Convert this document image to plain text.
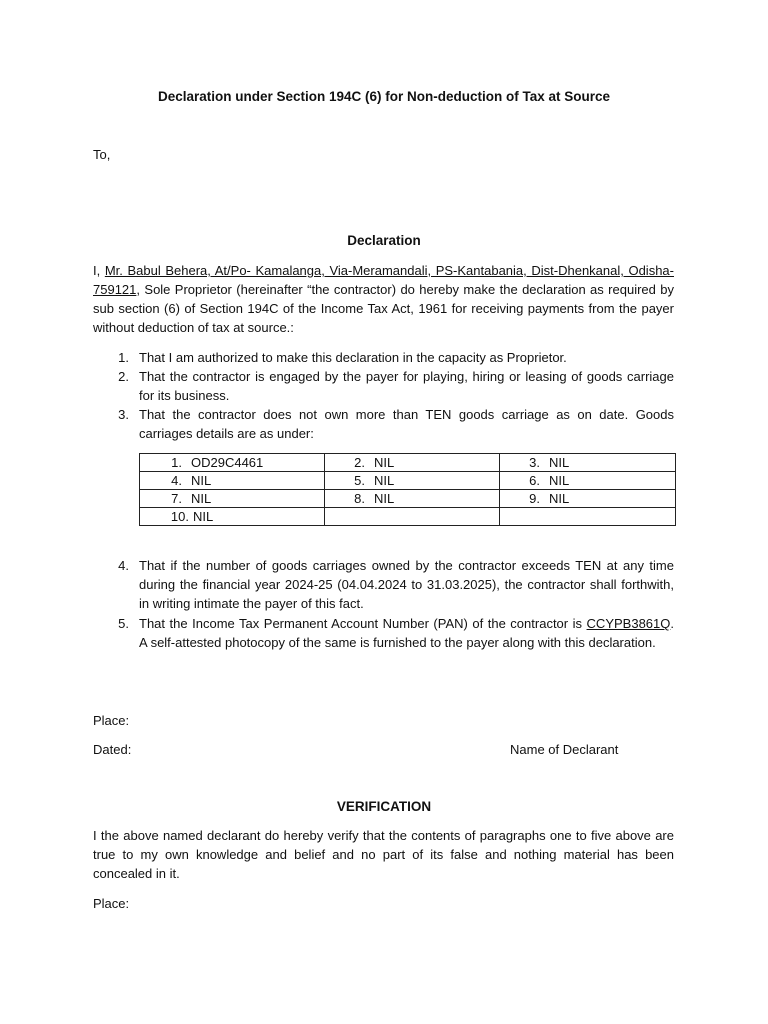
Declaration under Section 194C (6) for Non-deduction of Tax at Source
To,
Declaration
I, Mr. Babul Behera, At/Po- Kamalanga, Via-Meramandali, PS-Kantabania, Dist-Dhenkanal, Odisha-759121, Sole Proprietor (hereinafter “the contractor) do hereby make the declaration as required by sub section (6) of Section 194C of the Income Tax Act, 1961 for receiving payments from the payer without deduction of tax at source.:
1. That I am authorized to make this declaration in the capacity as Proprietor.
2. That the contractor is engaged by the payer for playing, hiring or leasing of goods carriage for its business.
3. That the contractor does not own more than TEN goods carriage as on date. Goods carriages details are as under:
1. OD29C4461	2. NIL	3. NIL

4. NIL	5. NIL	6. NIL

7. NIL	8. NIL	9. NIL

10. NIL		

4. That if the number of goods carriages owned by the contractor exceeds TEN at any time during the financial year 2024-25 (04.04.2024 to 31.03.2025), the contractor shall forthwith, in writing intimate the payer of this fact.
5. That the Income Tax Permanent Account Number (PAN) of the contractor is CCYPB3861Q. A self-attested photocopy of the same is furnished to the payer along with this declaration.
Place:
Dated:	Name of Declarant
VERIFICATION
I the above named declarant do hereby verify that the contents of paragraphs one to five above are true to my own knowledge and belief and no part of its false and nothing material has been concealed in it.
Place:
